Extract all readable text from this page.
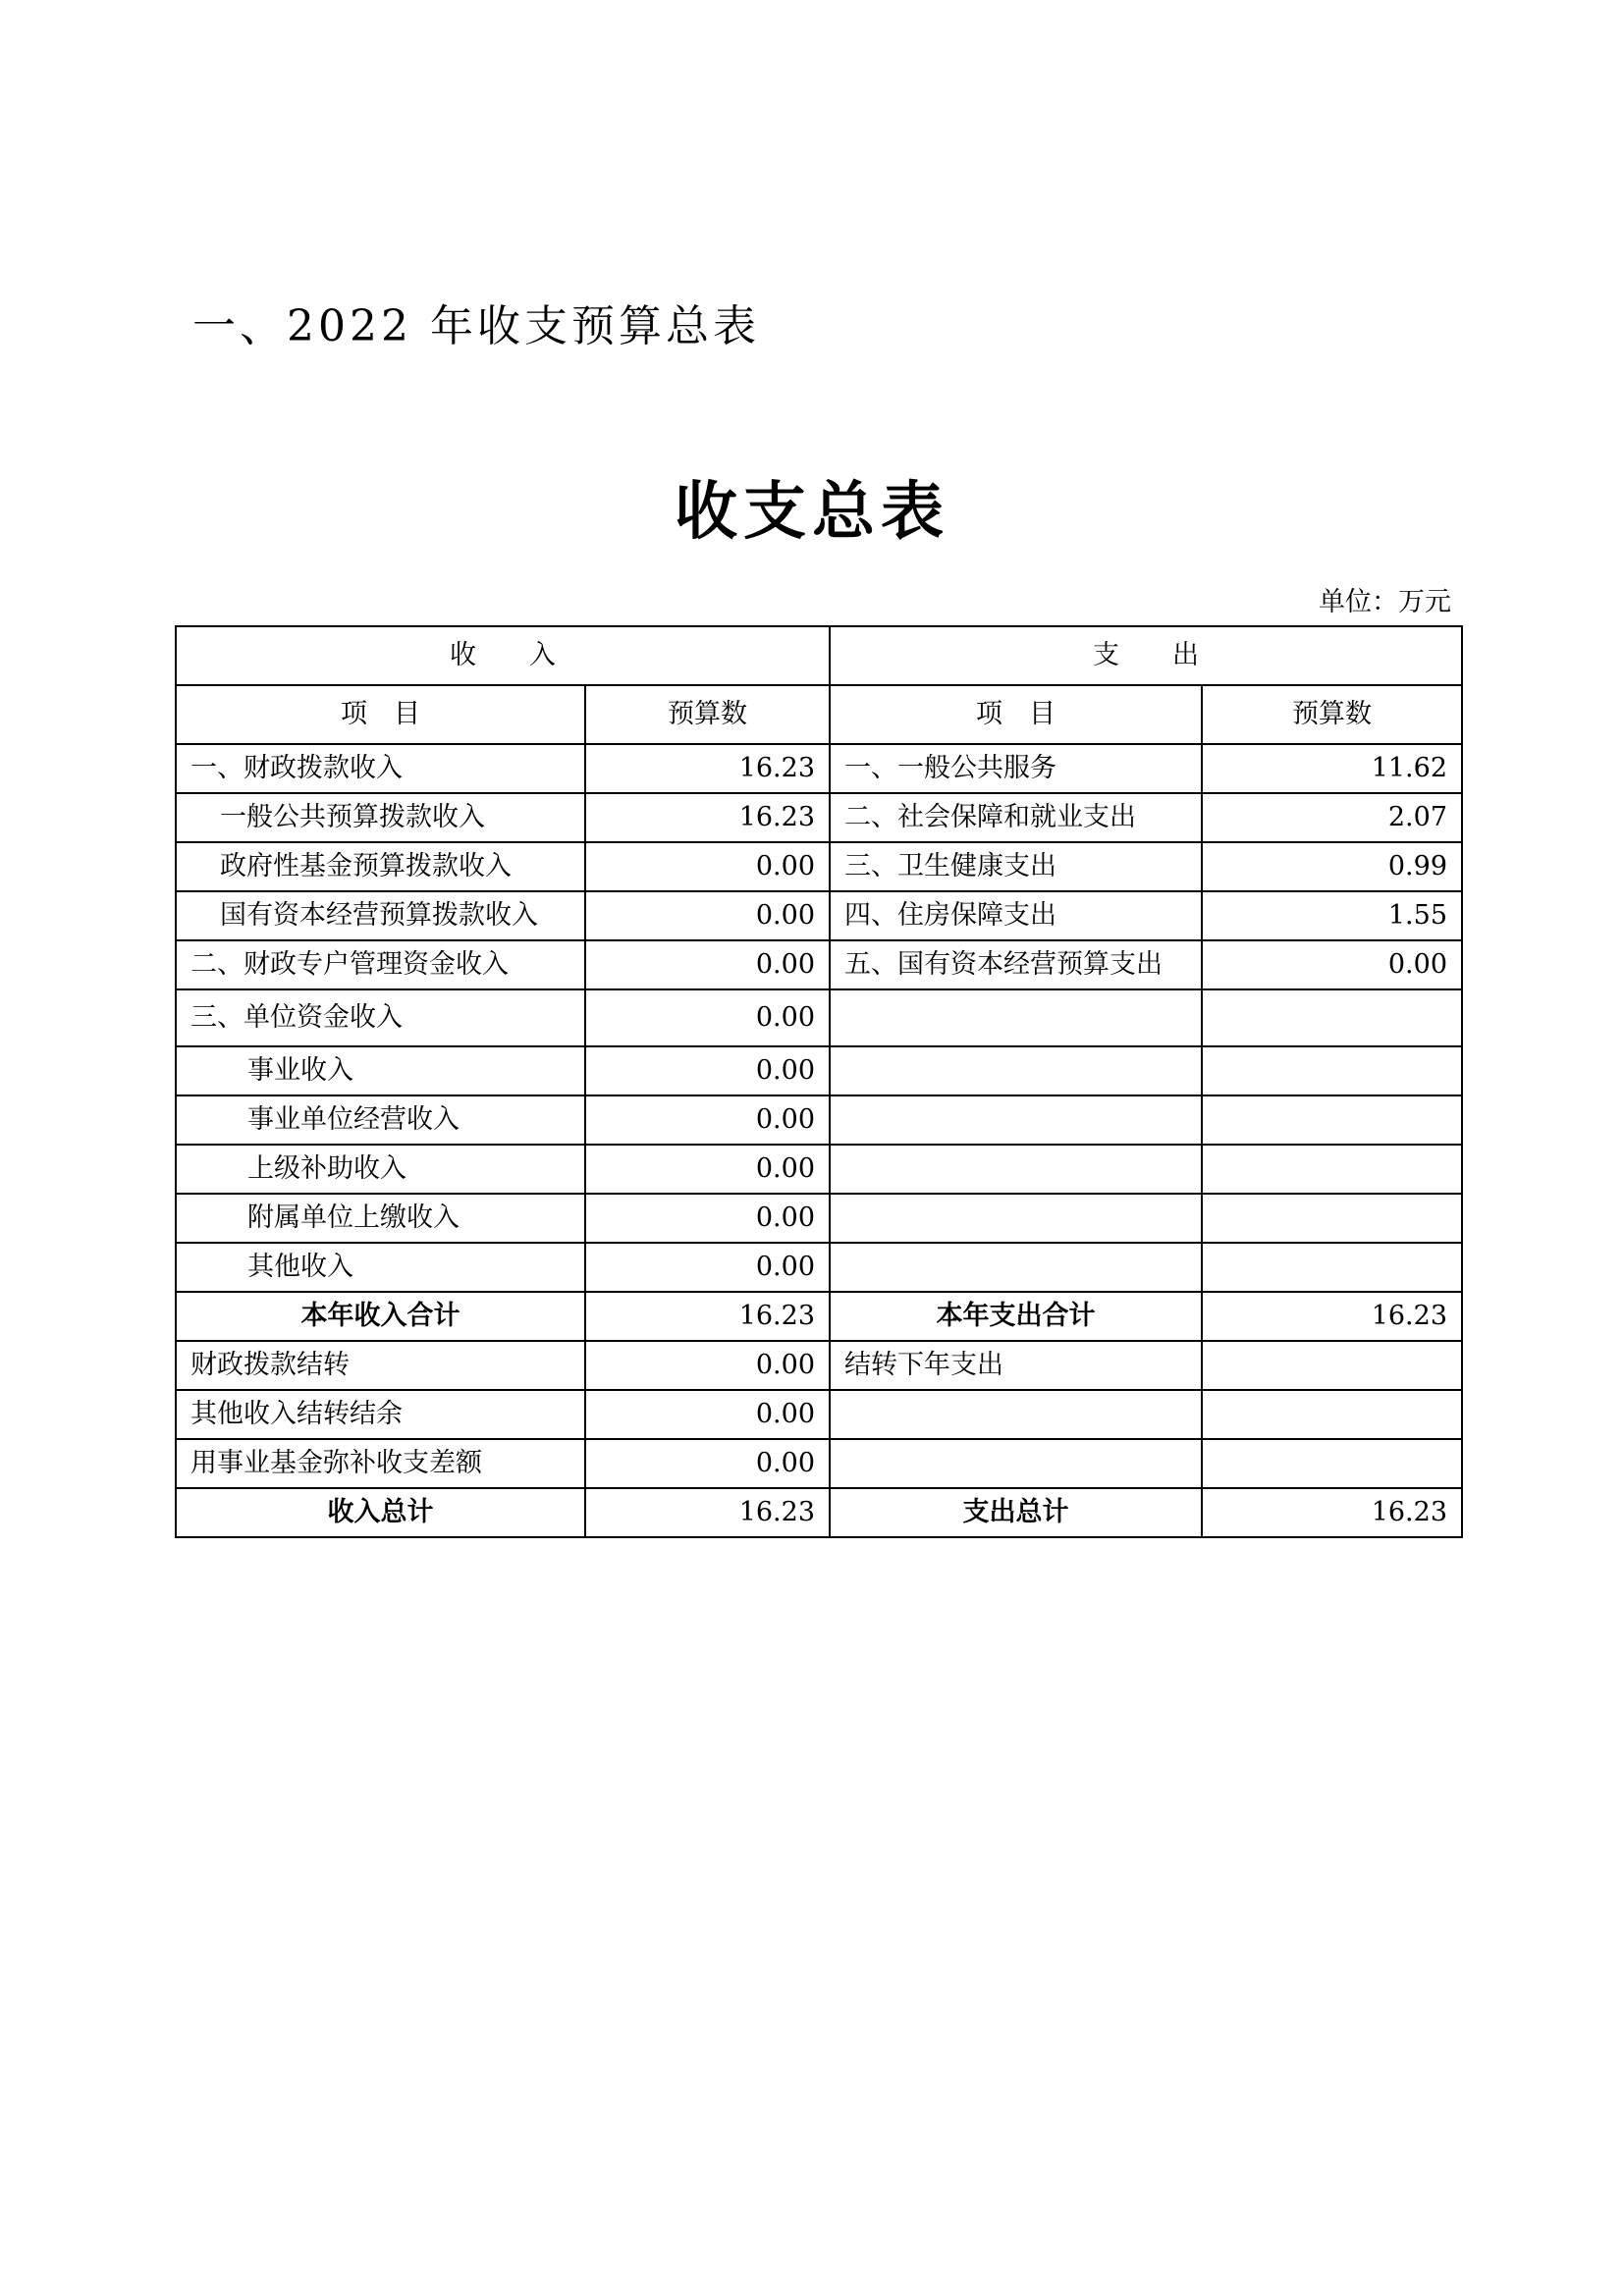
一、2022 年收支预算总表
收支总表
单位：万元
收　　入		支　　出	
项　目	预算数	项　目	预算数
一、财政拨款收入	16.23	一、一般公共服务	11.62
一般公共预算拨款收入	16.23	二、社会保障和就业支出	2.07
政府性基金预算拨款收入	0.00	三、卫生健康支出	0.99
国有资本经营预算拨款收入	0.00	四、住房保障支出	1.55
二、财政专户管理资金收入	0.00	五、国有资本经营预算支出	0.00
三、单位资金收入	0.00		
事业收入	0.00		
事业单位经营收入	0.00		
上级补助收入	0.00		
附属单位上缴收入	0.00		
其他收入	0.00		
本年收入合计	16.23	本年支出合计	16.23
财政拨款结转	0.00	结转下年支出	
其他收入结转结余	0.00		
用事业基金弥补收支差额	0.00		
收入总计	16.23	支出总计	16.23
